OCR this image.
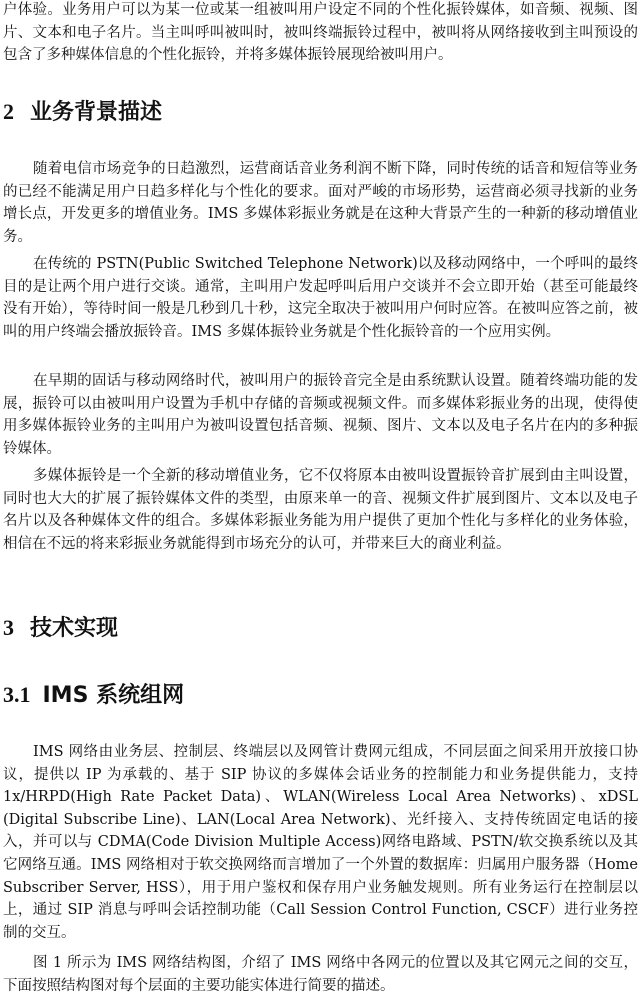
户体验。业务用户可以为某一位或某一组被叫用户设定不同的个性化振铃媒体，如音频、视频、图片、文本和电子名片。当主叫呼叫被叫时，被叫终端振铃过程中，被叫将从网络接收到主叫预设的包含了多种媒体信息的个性化振铃，并将多媒体振铃展现给被叫用户。

2 业务背景描述

随着电信市场竞争的日趋激烈，运营商话音业务利润不断下降，同时传统的话音和短信等业务的已经不能满足用户日趋多样化与个性化的要求。面对严峻的市场形势，运营商必须寻找新的业务增长点，开发更多的增值业务。IMS 多媒体彩振业务就是在这种大背景产生的一种新的移动增值业务。

在传统的 PSTN(Public Switched Telephone Network)以及移动网络中，一个呼叫的最终目的是让两个用户进行交谈。通常，主叫用户发起呼叫后用户交谈并不会立即开始（甚至可能最终没有开始），等待时间一般是几秒到几十秒，这完全取决于被叫用户何时应答。在被叫应答之前，被叫的用户终端会播放振铃音。IMS 多媒体振铃业务就是个性化振铃音的一个应用实例。

在早期的固话与移动网络时代，被叫用户的振铃音完全是由系统默认设置。随着终端功能的发展，振铃可以由被叫用户设置为手机中存储的音频或视频文件。而多媒体彩振业务的出现，使得使用多媒体振铃业务的主叫用户为被叫设置包括音频、视频、图片、文本以及电子名片在内的多种振铃媒体。

多媒体振铃是一个全新的移动增值业务，它不仅将原本由被叫设置振铃音扩展到由主叫设置，同时也大大的扩展了振铃媒体文件的类型，由原来单一的音、视频文件扩展到图片、文本以及电子名片以及各种媒体文件的组合。多媒体彩振业务能为用户提供了更加个性化与多样化的业务体验，相信在不远的将来彩振业务就能得到市场充分的认可，并带来巨大的商业利益。

3 技术实现
3.1 IMS 系统组网

IMS 网络由业务层、控制层、终端层以及网管计费网元组成，不同层面之间采用开放接口协议，提供以 IP 为承载的、基于 SIP 协议的多媒体会话业务的控制能力和业务提供能力，支持 1x/HRPD(High Rate Packet Data)、WLAN(Wireless Local Area Networks)、xDSL (Digital Subscribe Line)、LAN(Local Area Network)、光纤接入、支持传统固定电话的接入，并可以与 CDMA(Code Division Multiple Access)网络电路域、PSTN/软交换系统以及其它网络互通。IMS 网络相对于软交换网络而言增加了一个外置的数据库：归属用户服务器（Home Subscriber Server, HSS），用于用户鉴权和保存用户业务触发规则。所有业务运行在控制层以上，通过 SIP 消息与呼叫会话控制功能（Call Session Control Function, CSCF）进行业务控制的交互。

图 1 所示为 IMS 网络结构图，介绍了 IMS 网络中各网元的位置以及其它网元之间的交互，下面按照结构图对每个层面的主要功能实体进行简要的描述。
